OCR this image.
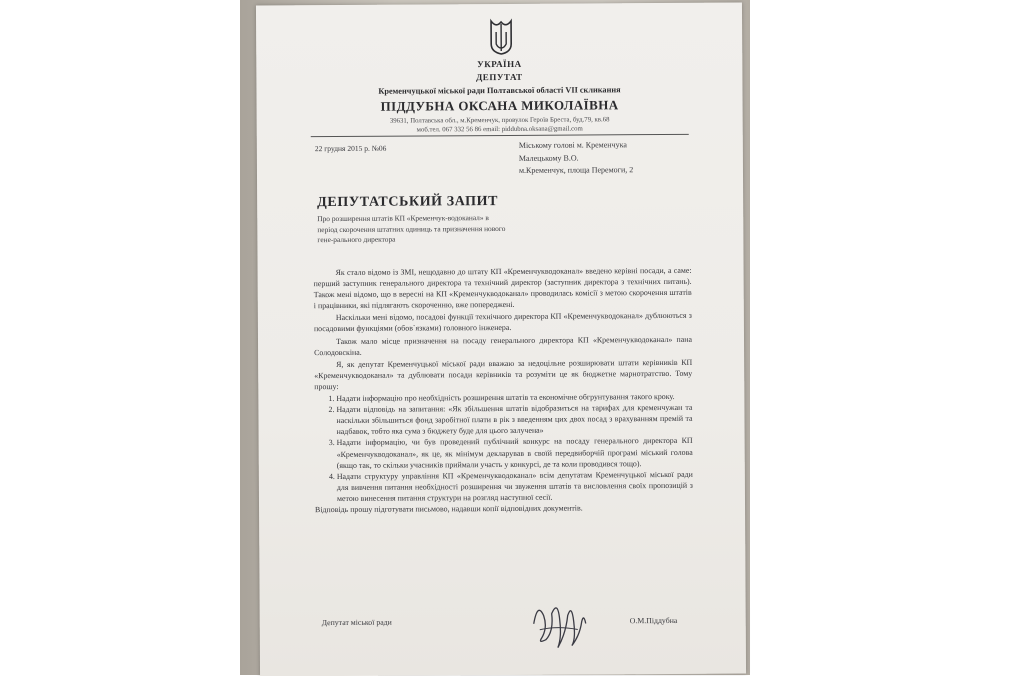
УКРАЇНА
ДЕПУТАТ
Кременчуцької міської ради Полтавської області VII скликання
ПІДДУБНА ОКСАНА МИКОЛАЇВНА
39631, Полтавська обл., м.Кременчук, провулок Героїв Бреста, буд.79, кв.68
моб.тел. 067 332 56 86 email: piddubna.oksana@gmail.com
22 грудня 2015 р. №06	Міському голові м. Кременчука
Малецькому В.О.
м.Кременчук, площа Перемоги, 2
ДЕПУТАТСЬКИЙ ЗАПИТ
Про розширення штатів КП «Кременчук-водоканал» в період скорочення штатних одиниць та призначення нового гене-рального директора

Як стало відомо із ЗМІ, нещодавно до штату КП «Кременчукводоканал» введено керівні посади, а саме: перший заступник генерального директора та технічний директор (заступник директора з технічних питань). Також мені відомо, що в вересні на КП «Кременчукводоканал» проводилась комісії з метою скорочення штатів і працівники, які підлягають скороченню, вже попереджені.

Наскільки мені відомо, посадові функції технічного директора КП «Кременчукводоканал» дублюються з посадовими функціями (обов`язками) головного інженера.

Також мало місце призначення на посаду генерального директора КП «Кременчукводоканал» пана Солодовскіна.

Я, як депутат Кременчуцької міської ради вважаю за недоцільне розширювати штати керівників КП «Кременчукводоканал» та дублювати посади керівників та розуміти це як бюджетне марнотратство. Тому прошу:

1. Надати інформацію про необхідність розширення штатів та економічне обгрунтування такого кроку.
2. Надати відповідь на запитання: «Як збільшення штатів відобразиться на тарифах для кременчужан та наскільки збільшиться фонд заробітної плати в рік з введенням цих двох посад з врахуванням премій та надбавок, тобто яка сума з бюджету буде для цього залучена»
3. Надати інформацію, чи був проведений публічний конкурс на посаду генерального директора КП «Кременчукводоканал», як це, як мінімум декларував в своїй передвиборчій програмі міський голова (якщо так, то скільки учасників приймали участь у конкурсі, де та коли проводився тощо).
4. Надати структуру управління КП «Кременчукводоканал» всім депутатам Кременчуцької міської ради для вивчення питання необхідності розширення чи звуження штатів та висловлення своїх пропозицій з метою винесення питання структури на розгляд наступної сесії.

Відповідь прошу підготувати письмово, надавши копії відповідних документів.

Депутат міської ради	О.М.Піддубна
